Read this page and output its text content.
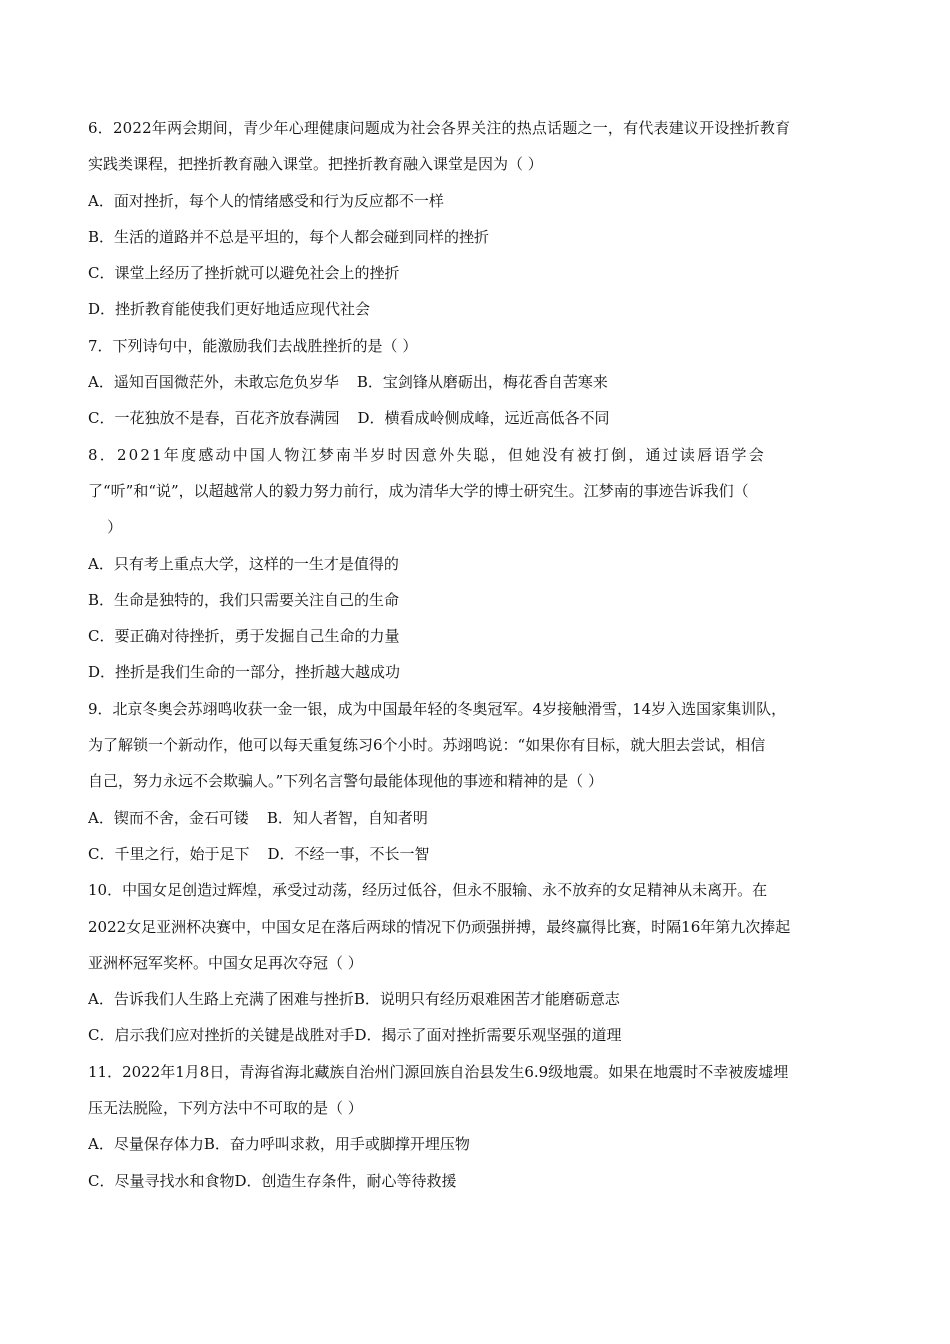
6．2022年两会期间，青少年心理健康问题成为社会各界关注的热点话题之一，有代表建议开设挫折教育
实践类课程，把挫折教育融入课堂。把挫折教育融入课堂是因为（ ）
A．面对挫折，每个人的情绪感受和行为反应都不一样
B．生活的道路并不总是平坦的，每个人都会碰到同样的挫折
C．课堂上经历了挫折就可以避免社会上的挫折
D．挫折教育能使我们更好地适应现代社会
7．下列诗句中，能激励我们去战胜挫折的是（ ）
A．遥知百国微茫外，未敢忘危负岁华 B．宝剑锋从磨砺出，梅花香自苦寒来
C．一花独放不是春，百花齐放春满园 D．横看成岭侧成峰，远近高低各不同
8．2021年度感动中国人物江梦南半岁时因意外失聪，但她没有被打倒，通过读唇语学会
了“听”和“说”，以超越常人的毅力努力前行，成为清华大学的博士研究生。江梦南的事迹告诉我们（
）
A．只有考上重点大学，这样的一生才是值得的
B．生命是独特的，我们只需要关注自己的生命
C．要正确对待挫折，勇于发掘自己生命的力量
D．挫折是我们生命的一部分，挫折越大越成功
9．北京冬奥会苏翊鸣收获一金一银，成为中国最年轻的冬奥冠军。4岁接触滑雪，14岁入选国家集训队，
为了解锁一个新动作，他可以每天重复练习6个小时。苏翊鸣说：“如果你有目标，就大胆去尝试，相信
自己，努力永远不会欺骗人。”下列名言警句最能体现他的事迹和精神的是（ ）
A．锲而不舍，金石可镂 B．知人者智，自知者明
C．千里之行，始于足下 D．不经一事，不长一智
10．中国女足创造过辉煌，承受过动荡，经历过低谷，但永不服输、永不放弃的女足精神从未离开。在
2022女足亚洲杯决赛中，中国女足在落后两球的情况下仍顽强拼搏，最终赢得比赛，时隔16年第九次捧起
亚洲杯冠军奖杯。中国女足再次夺冠（ ）
A．告诉我们人生路上充满了困难与挫折B．说明只有经历艰难困苦才能磨砺意志
C．启示我们应对挫折的关键是战胜对手D．揭示了面对挫折需要乐观坚强的道理
11．2022年1月8日，青海省海北藏族自治州门源回族自治县发生6.9级地震。如果在地震时不幸被废墟埋
压无法脱险，下列方法中不可取的是（ ）
A．尽量保存体力B．奋力呼叫求救，用手或脚撑开埋压物
C．尽量寻找水和食物D．创造生存条件，耐心等待救援
